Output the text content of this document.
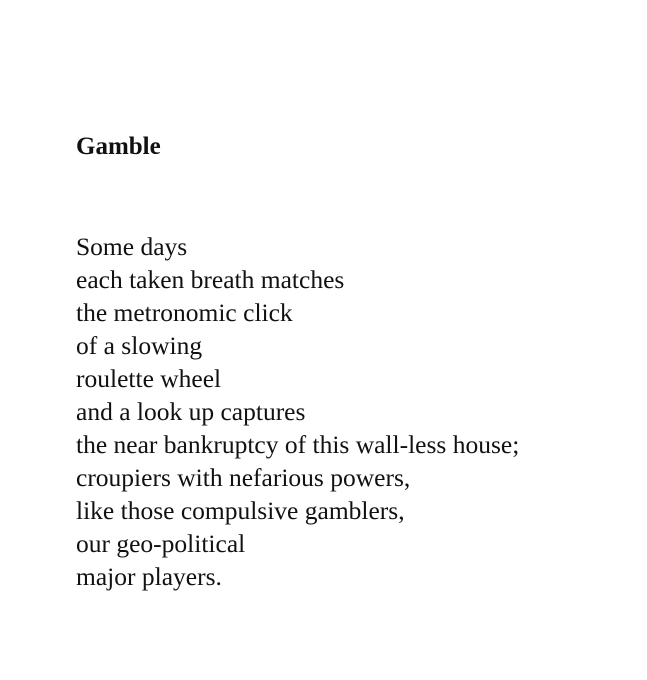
Gamble
Some days
each taken breath matches
the metronomic click
of a slowing
roulette wheel
and a look up captures
the near bankruptcy of this wall-less house;
croupiers with nefarious powers,
like those compulsive gamblers,
our geo-political
major players.
